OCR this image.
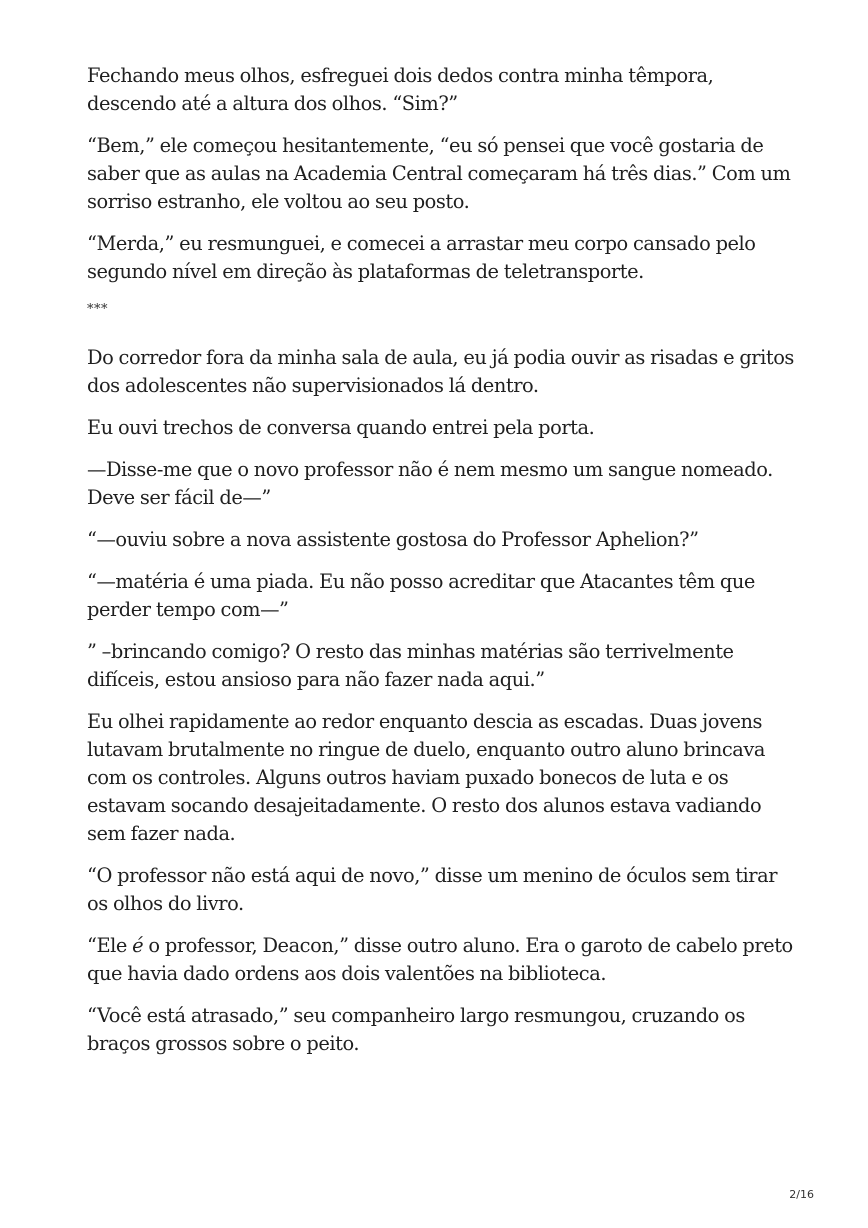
Fechando meus olhos, esfreguei dois dedos contra minha têmpora,
descendo até a altura dos olhos. “Sim?”

“Bem,” ele começou hesitantemente, “eu só pensei que você gostaria de
saber que as aulas na Academia Central começaram há três dias.” Com um
sorriso estranho, ele voltou ao seu posto.

“Merda,” eu resmunguei, e comecei a arrastar meu corpo cansado pelo
segundo nível em direção às plataformas de teletransporte.

***

Do corredor fora da minha sala de aula, eu já podia ouvir as risadas e gritos
dos adolescentes não supervisionados lá dentro.

Eu ouvi trechos de conversa quando entrei pela porta.

—Disse-me que o novo professor não é nem mesmo um sangue nomeado.
Deve ser fácil de—”

“—ouviu sobre a nova assistente gostosa do Professor Aphelion?”

“—matéria é uma piada. Eu não posso acreditar que Atacantes têm que
perder tempo com—”

” –brincando comigo? O resto das minhas matérias são terrivelmente
difíceis, estou ansioso para não fazer nada aqui.”

Eu olhei rapidamente ao redor enquanto descia as escadas. Duas jovens
lutavam brutalmente no ringue de duelo, enquanto outro aluno brincava
com os controles. Alguns outros haviam puxado bonecos de luta e os
estavam socando desajeitadamente. O resto dos alunos estava vadiando
sem fazer nada.

“O professor não está aqui de novo,” disse um menino de óculos sem tirar
os olhos do livro.

“Ele é o professor, Deacon,” disse outro aluno. Era o garoto de cabelo preto
que havia dado ordens aos dois valentões na biblioteca.

“Você está atrasado,” seu companheiro largo resmungou, cruzando os
braços grossos sobre o peito.

2/16
